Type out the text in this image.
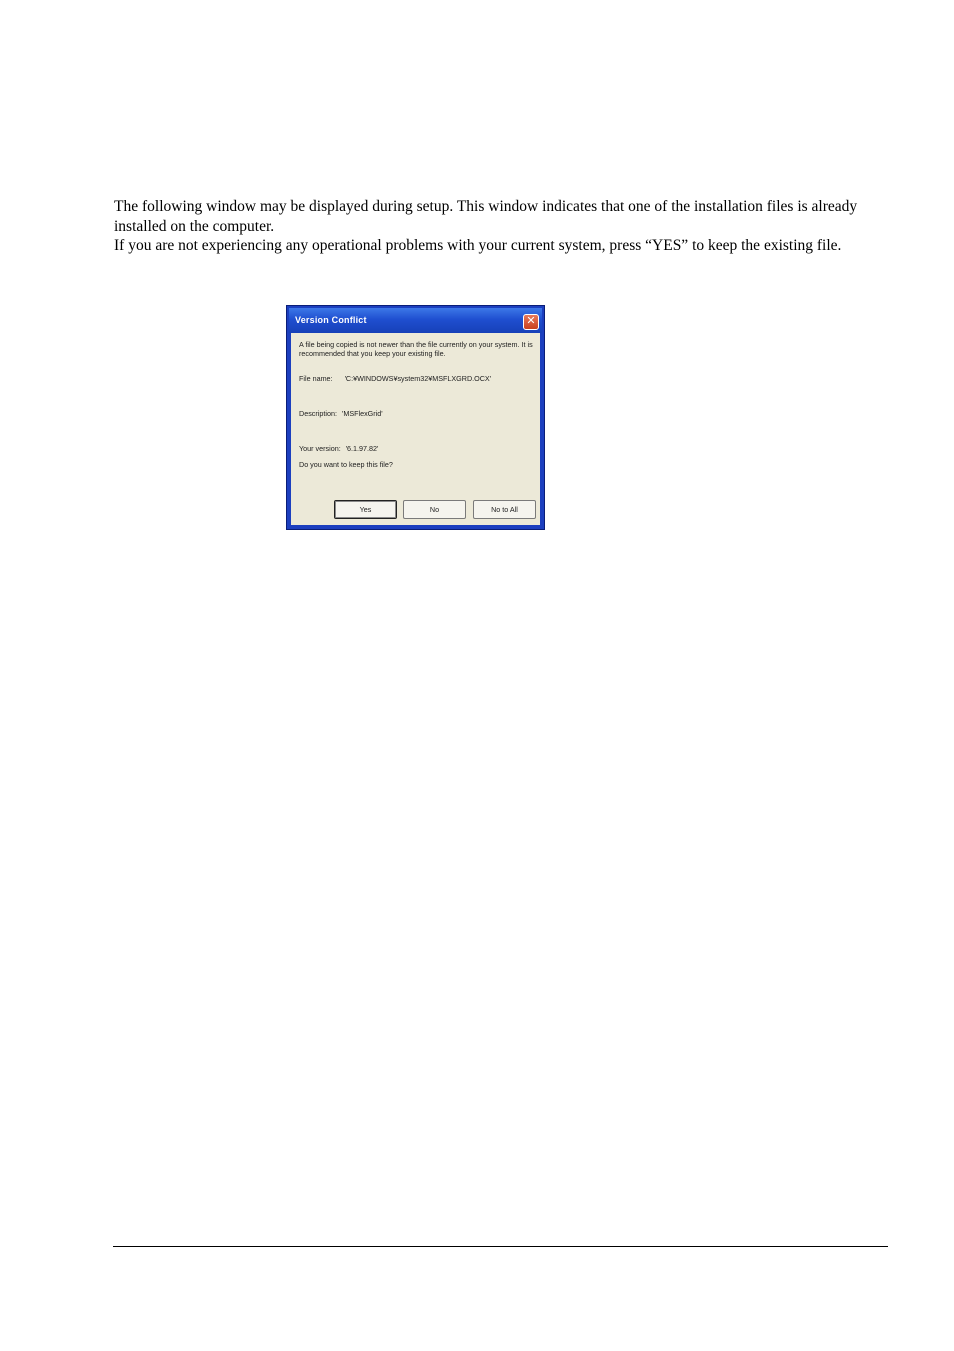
The following window may be displayed during setup. This window indicates that one of the installation files is already installed on the computer.

If you are not experiencing any operational problems with your current system, press “YES” to keep the existing file.

Version Conflict	✕
A file being copied is not newer than the file currently on your system. It is recommended that you keep your existing file.
File name: 'C:¥WINDOWS¥system32¥MSFLXGRD.OCX'
Description: 'MSFlexGrid'
Your version: '6.1.97.82'
Do you want to keep this file?
Yes	No	No to All
